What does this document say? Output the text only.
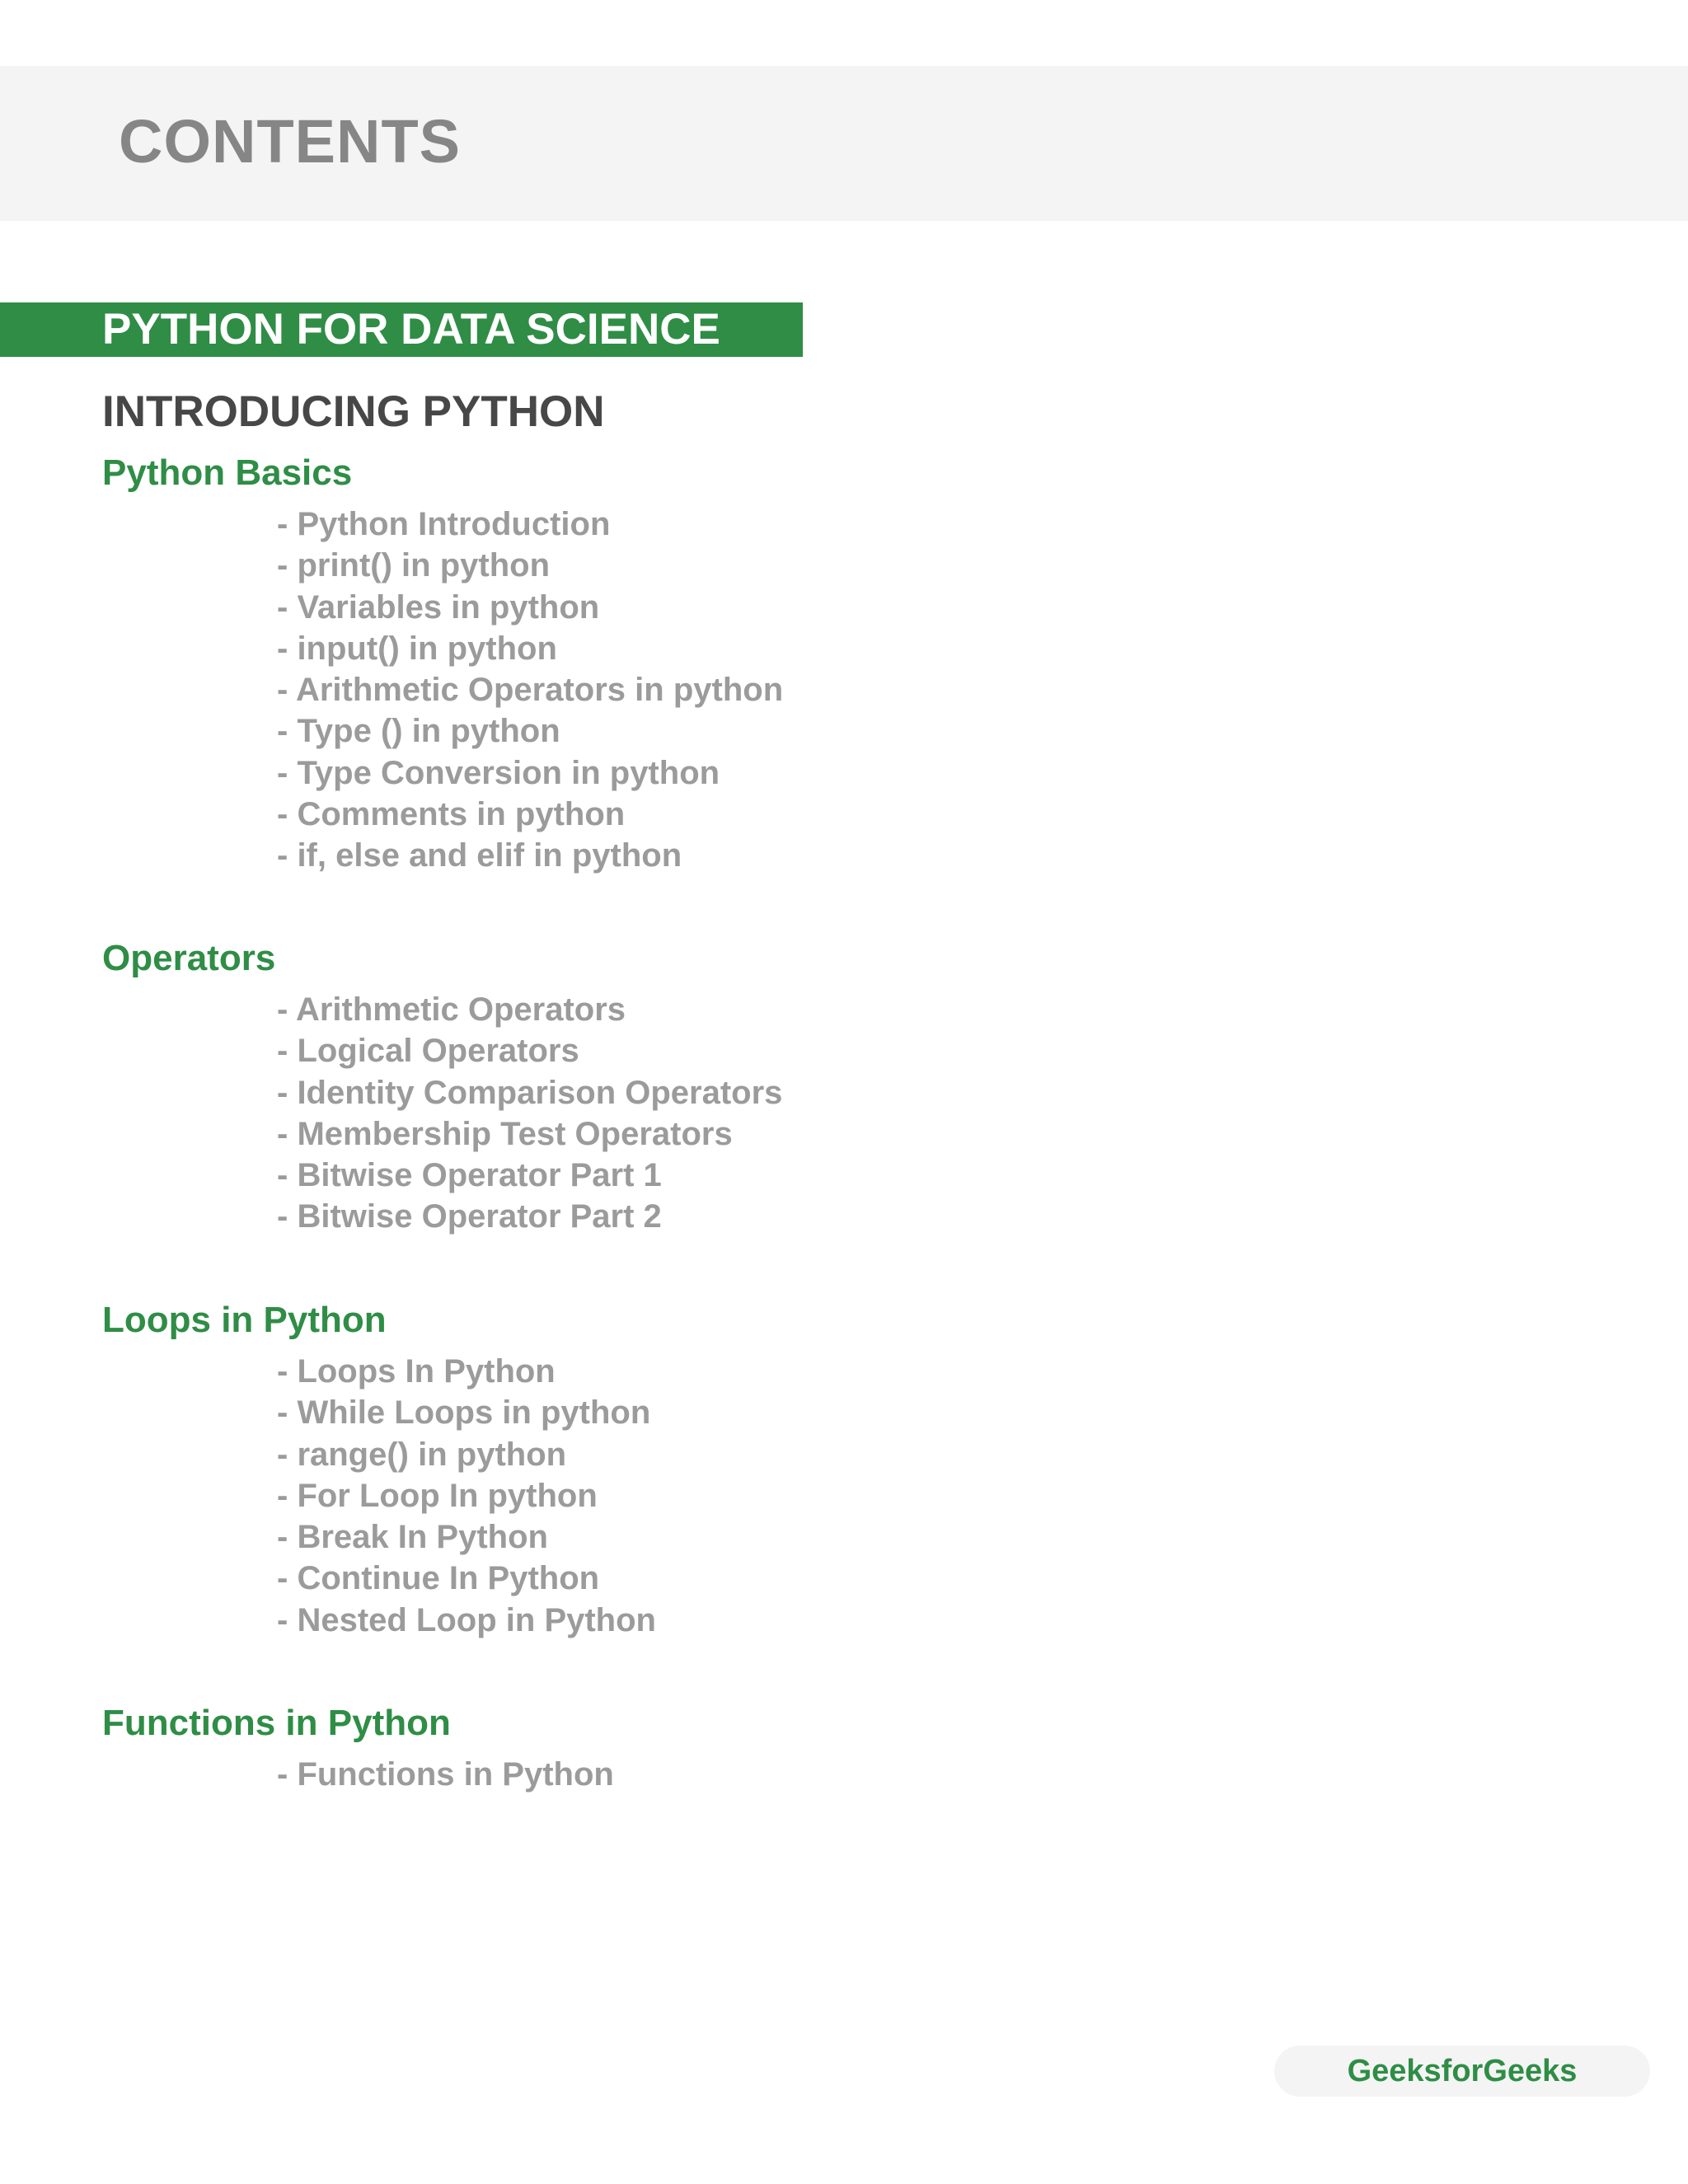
CONTENTS
PYTHON FOR DATA SCIENCE
INTRODUCING PYTHON
Python Basics
- Python Introduction
- print() in python
- Variables in python
- input() in python
- Arithmetic Operators in python
- Type () in python
- Type Conversion in python
- Comments in python
- if, else and elif in python
Operators
- Arithmetic Operators
- Logical Operators
- Identity Comparison Operators
- Membership Test Operators
- Bitwise Operator Part 1
- Bitwise Operator Part 2
Loops in Python
- Loops In Python
- While Loops in python
- range() in python
- For Loop In python
- Break In Python
- Continue In Python
- Nested Loop in Python
Functions in Python
- Functions in Python
GeeksforGeeks
